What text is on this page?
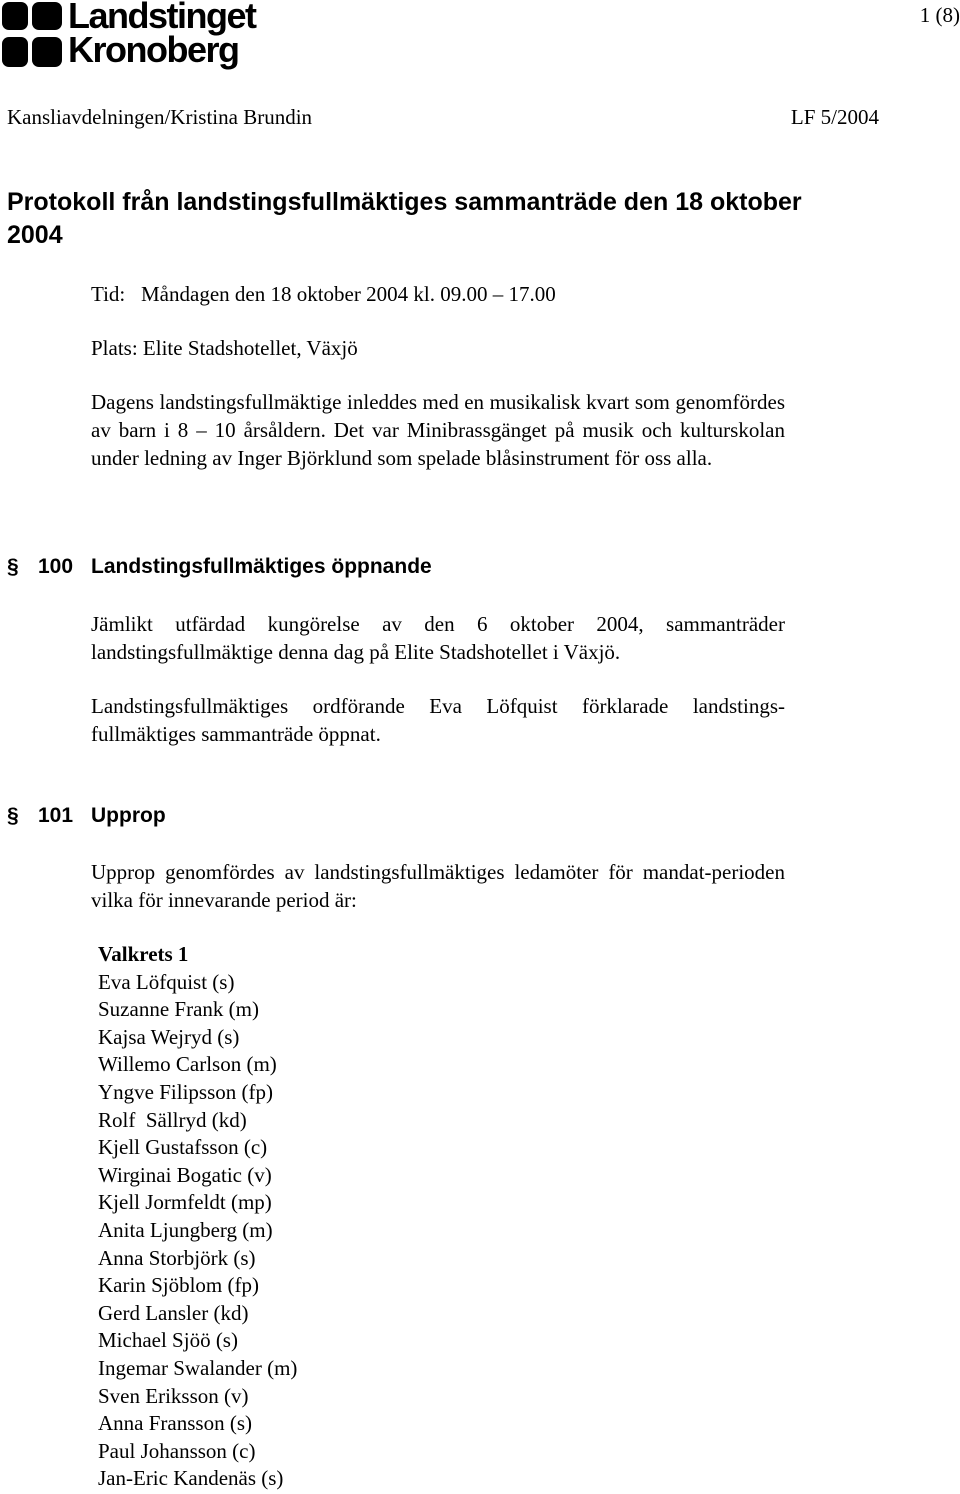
Landstinget
Kronoberg
1 (8)
Kansliavdelningen/Kristina Brundin	LF 5/2004
Protokoll från landstingsfullmäktiges sammanträde den 18 oktober 2004
Tid:   Måndagen den 18 oktober 2004 kl. 09.00 – 17.00
Plats: Elite Stadshotellet, Växjö

Dagens landstingsfullmäktige inleddes med en musikalisk kvart som genomfördes av barn i 8 – 10 årsåldern. Det var Minibrassgänget på musik och kulturskolan under ledning av Inger Björklund som spelade blåsinstrument för oss alla.

§ 100 Landstingsfullmäktiges öppnande

Jämlikt utfärdad kungörelse av den 6 oktober 2004, sammanträder landstingsfullmäktige denna dag på Elite Stadshotellet i Växjö.

Landstingsfullmäktiges ordförande Eva Löfquist förklarade landstings-fullmäktiges sammanträde öppnat.

§ 101 Upprop

Upprop genomfördes av landstingsfullmäktiges ledamöter för mandat-perioden vilka för innevarande period är:

Valkrets 1
Eva Löfquist (s)
Suzanne Frank (m)
Kajsa Wejryd (s)
Willemo Carlson (m)
Yngve Filipsson (fp)
Rolf  Sällryd (kd)
Kjell Gustafsson (c)
Wirginai Bogatic (v)
Kjell Jormfeldt (mp)
Anita Ljungberg (m)
Anna Storbjörk (s)
Karin Sjöblom (fp)
Gerd Lansler (kd)
Michael Sjöö (s)
Ingemar Swalander (m)
Sven Eriksson (v)
Anna Fransson (s)
Paul Johansson (c)
Jan-Eric Kandenäs (s)
